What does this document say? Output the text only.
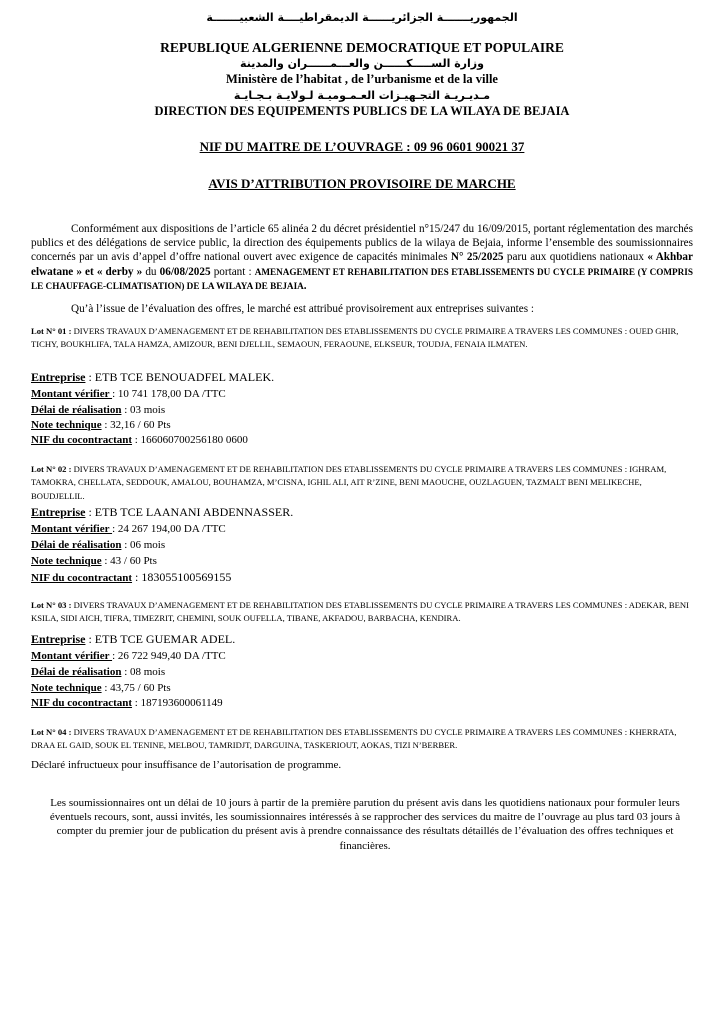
الجمهوريـــــــة الجزائريــــــة الديمقراطيــــة الشعبيـــــــة
REPUBLIQUE ALGERIENNE DEMOCRATIQUE ET POPULAIRE
وزارة الســـــكــــــن والعـــمــــــران والمدينة
Ministère de l’habitat , de l’urbanisme et de la ville
مـديـريـة التجـهيـزات العـمـوميـة لـولايـة بـجـايـة
DIRECTION DES EQUIPEMENTS PUBLICS DE LA WILAYA DE BEJAIA
NIF DU MAITRE DE L’OUVRAGE : 09 96 0601 90021 37
AVIS D’ATTRIBUTION PROVISOIRE DE MARCHE
Conformément aux dispositions de l’article 65 alinéa 2 du décret présidentiel n°15/247 du 16/09/2015, portant réglementation des marchés publics et des délégations de service public, la direction des équipements publics de la wilaya de Bejaia, informe l’ensemble des soumissionnaires concernés par un avis d’appel d’offre national ouvert avec exigence de capacités minimales N° 25/2025 paru aux quotidiens nationaux « Akhbar elwatane » et « derby » du 06/08/2025 portant : AMENAGEMENT ET REHABILITATION DES ETABLISSEMENTS DU CYCLE PRIMAIRE (Y COMPRIS LE CHAUFFAGE-CLIMATISATION) DE LA WILAYA DE BEJAIA.
Qu’à l’issue de l’évaluation des offres, le marché est attribué provisoirement aux entreprises suivantes :
Lot N° 01 : DIVERS TRAVAUX D’AMENAGEMENT ET DE REHABILITATION DES ETABLISSEMENTS DU CYCLE PRIMAIRE A TRAVERS LES COMMUNES : OUED GHIR, TICHY, BOUKHLIFA, TALA HAMZA, AMIZOUR, BENI DJELLIL, SEMAOUN, FERAOUNE, ELKSEUR, TOUDJA, FENAIA ILMATEN.
Entreprise : ETB TCE BENOUADFEL MALEK.
Montant vérifier : 10 741 178,00 DA /TTC
Délai de réalisation : 03 mois
Note technique : 32,16 / 60 Pts
NIF du cocontractant : 166060700256180 0600
Lot N° 02 : DIVERS TRAVAUX D’AMENAGEMENT ET DE REHABILITATION DES ETABLISSEMENTS DU CYCLE PRIMAIRE A TRAVERS LES COMMUNES : IGHRAM, TAMOKRA, CHELLATA, SEDDOUK, AMALOU, BOUHAMZA, M’CISNA, IGHIL ALI, AIT R’ZINE, BENI MAOUCHE, OUZLAGUEN, TAZMALT BENI MELIKECHE, BOUDJELLIL.
Entreprise : ETB TCE LAANANI ABDENNASSER.
Montant vérifier : 24 267 194,00 DA /TTC
Délai de réalisation : 06 mois
Note technique : 43 / 60 Pts
NIF du cocontractant : 183055100569155
Lot N° 03 : DIVERS TRAVAUX D’AMENAGEMENT ET DE REHABILITATION DES ETABLISSEMENTS DU CYCLE PRIMAIRE A TRAVERS LES COMMUNES : ADEKAR, BENI KSILA, SIDI AICH, TIFRA, TIMEZRIT, CHEMINI, SOUK OUFELLA, TIBANE, AKFADOU, BARBACHA, KENDIRA.
Entreprise : ETB TCE GUEMAR ADEL.
Montant vérifier : 26 722 949,40 DA /TTC
Délai de réalisation : 08 mois
Note technique : 43,75 / 60 Pts
NIF du cocontractant : 187193600061149
Lot N° 04 : DIVERS TRAVAUX D’AMENAGEMENT ET DE REHABILITATION DES ETABLISSEMENTS DU CYCLE PRIMAIRE A TRAVERS LES COMMUNES : KHERRATA, DRAA EL GAID, SOUK EL TENINE, MELBOU, TAMRIDJT, DARGUINA, TASKERIOUT, AOKAS, TIZI N’BERBER.
Déclaré infructueux pour insuffisance de l’autorisation de programme.
Les soumissionnaires ont un délai de 10 jours à partir de la première parution du présent avis dans les quotidiens nationaux pour formuler leurs éventuels recours, sont, aussi invités, les soumissionnaires intéressés à se rapprocher des services du maitre de l’ouvrage au plus tard 03 jours à compter du premier jour de publication du présent avis à prendre connaissance des résultats détaillés de l’évaluation des offres techniques et financières.
